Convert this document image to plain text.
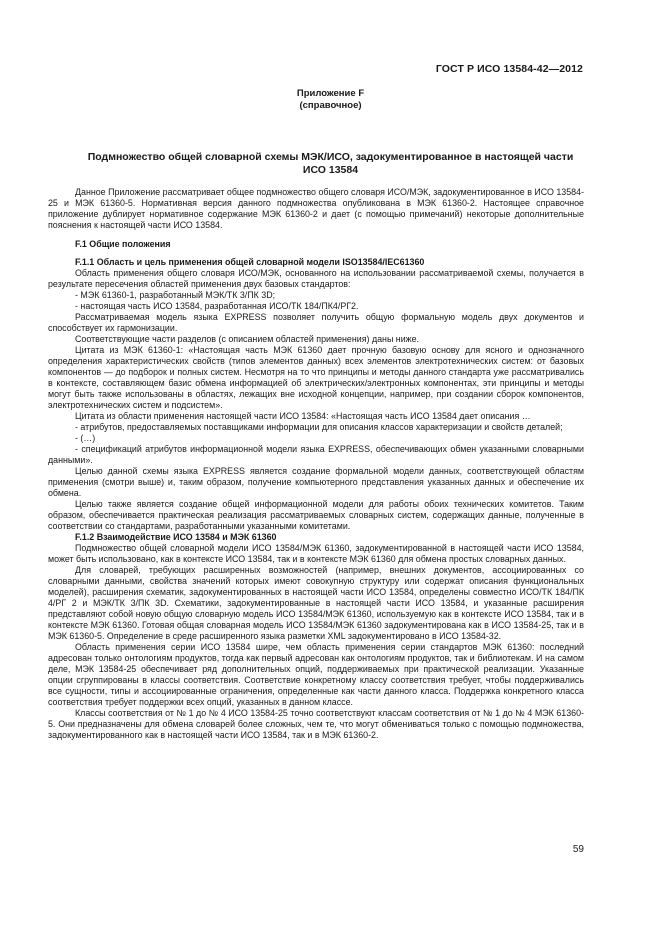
ГОСТ Р ИСО 13584-42—2012
Приложение F
(справочное)
Подмножество общей словарной схемы МЭК/ИСО, задокументированное в настоящей части
ИСО 13584

Данное Приложение рассматривает общее подмножество общего словаря ИСО/МЭК, задокументированное в ИСО 13584-25 и МЭК 61360-5. Нормативная версия данного подмножества опубликована в МЭК 61360-2. Настоящее справочное приложение дублирует нормативное содержание МЭК 61360-2 и дает (с помощью примечаний) некоторые дополнительные пояснения к настоящей части ИСО 13584.

F.1 Общие положения
F.1.1 Область и цель применения общей словарной модели ISO13584/IEC61360

Область применения общего словаря ИСО/МЭК, основанного на использовании рассматриваемой схемы, получается в результате пересечения областей применения двух базовых стандартов:

- МЭК 61360-1, разработанный МЭК/ТК 3/ПК 3D;

- настоящая часть ИСО 13584, разработанная ИСО/ТК 184/ПК4/РГ2.

Рассматриваемая модель языка EXPRESS позволяет получить общую формальную модель двух документов и способствует их гармонизации.

Соответствующие части разделов (с описанием областей применения) даны ниже.

Цитата из МЭК 61360-1: «Настоящая часть МЭК 61360 дает прочную базовую основу для ясного и однозначного определения характеристических свойств (типов элементов данных) всех элементов электротехнических систем: от базовых компонентов — до подборок и полных систем. Несмотря на то что принципы и методы данного стандарта уже рассматривались в контексте, составляющем базис обмена информацией об электрических/электронных компонентах, эти принципы и методы могут быть также использованы в областях, лежащих вне исходной концепции, например, при создании сборок компонентов, электротехнических систем и подсистем».

Цитата из области применения настоящей части ИСО 13584: «Настоящая часть ИСО 13584 дает описания …

- атрибутов, предоставляемых поставщиками информации для описания классов характеризации и свойств деталей;

- (…)

- спецификаций атрибутов информационной модели языка EXPRESS, обеспечивающих обмен указанными словарными данными».

Целью данной схемы языка EXPRESS является создание формальной модели данных, соответствующей областям применения (смотри выше) и, таким образом, получение компьютерного представления указанных данных и обеспечение их обмена.

Целью также является создание общей информационной модели для работы обоих технических комитетов. Таким образом, обеспечивается практическая реализация рассматриваемых словарных систем, содержащих данные, полученные в соответствии со стандартами, разработанными указанными комитетами.

F.1.2 Взаимодействие ИСО 13584 и МЭК 61360

Подмножество общей словарной модели ИСО 13584/МЭК 61360, задокументированной в настоящей части ИСО 13584, может быть использовано, как в контексте ИСО 13584, так и в контексте МЭК 61360 для обмена простых словарных данных.

Для словарей, требующих расширенных возможностей (например, внешних документов, ассоциированных со словарными данными, свойства значений которых имеют совокупную структуру или содержат описания функциональных моделей), расширения схематик, задокументированных в настоящей части ИСО 13584, определены совместно ИСО/ТК 184/ПК 4/РГ 2 и МЭК/ТК 3/ПК 3D. Схематики, задокументированные в настоящей части ИСО 13584, и указанные расширения представляют собой новую общую словарную модель ИСО 13584/МЭК 61360, используемую как в контексте ИСО 13584, так и в контексте МЭК 61360. Готовая общая словарная модель ИСО 13584/МЭК 61360 задокументирована как в ИСО 13584-25, так и в МЭК 61360-5. Определение в среде расширенного языка разметки XML задокументировано в ИСО 13584-32.

Область применения серии ИСО 13584 шире, чем область применения серии стандартов МЭК 61360: последний адресован только онтологиям продуктов, тогда как первый адресован как онтологиям продуктов, так и библиотекам. И на самом деле, МЭК 13584-25 обеспечивает ряд дополнительных опций, поддерживаемых при практической реализации. Указанные опции сгруппированы в классы соответствия. Соответствие конкретному классу соответствия требует, чтобы поддерживались все сущности, типы и ассоциированные ограничения, определенные как части данного класса. Поддержка конкретного класса соответствия требует поддержки всех опций, указанных в данном классе.

Классы соответствия от № 1 до № 4 ИСО 13584-25 точно соответствуют классам соответствия от № 1 до № 4 МЭК 61360-5. Они предназначены для обмена словарей более сложных, чем те, что могут обмениваться только с помощью подмножества, задокументированного как в настоящей части ИСО 13584, так и в МЭК 61360-2.

59
